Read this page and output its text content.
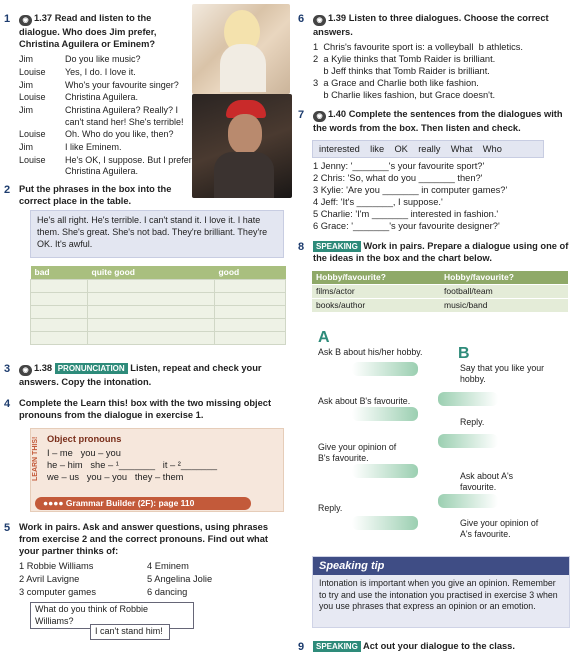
1	◉ 1.37 Read and listen to the dialogue. Who does Jim prefer, Christina Aguilera or Eminem?
Jim	Do you like music?
Louise	Yes, I do. I love it.
Jim	Who's your favourite singer?
Louise	Christina Aguilera.
Jim	Christina Aguilera? Really? I can't stand her! She's terrible!
Louise	Oh. Who do you like, then?
Jim	I like Eminem.
Louise	He's OK, I suppose. But I prefer Christina Aguilera.
2 Put the phrases in the box into the correct place in the table.
He's all right. He's terrible. I can't stand it. I love it. I hate them. She's great. She's not bad. They're brilliant. They're OK. It's awful.
bad	quite good	good

3	◉ 1.38 PRONUNCIATION Listen, repeat and check your answers. Copy the intonation.
4 Complete the Learn this! box with the two missing object pronouns from the dialogue in exercise 1.
LEARN THIS! Object pronouns
I – me   you – you
he – him   she – ¹_______   it – ²_______
we – us   you – you   they – them
●●●● Grammar Builder (2F): page 110
5 Work in pairs. Ask and answer questions, using phrases from exercise 2 and the correct pronouns. Find out what your partner thinks of:
1 Robbie Williams	4 Eminem
2 Avril Lavigne	5 Angelina Jolie
3 computer games	6 dancing
What do you think of Robbie Williams?
I can't stand him!
6	◉ 1.39 Listen to three dialogues. Choose the correct answers.
1  Chris's favourite sport is: a volleyball  b athletics.
2  a Kylie thinks that Tomb Raider is brilliant.
b Jeff thinks that Tomb Raider is brilliant.
3  a Grace and Charlie both like fashion.
b Charlie likes fashion, but Grace doesn't.
7	◉ 1.40 Complete the sentences from the dialogues with the words from the box. Then listen and check.
interested    like    OK    really    What    Who
1 Jenny: '_______'s your favourite sport?'
2 Chris: 'So, what do you _______ then?'
3 Kylie: 'Are you _______ in computer games?'
4 Jeff: 'It's _______, I suppose.'
5 Charlie: 'I'm _______ interested in fashion.'
6 Grace: '_______'s your favourite designer?'
8	SPEAKING Work in pairs. Prepare a dialogue using one of the ideas in the box and the chart below.
Hobby/favourite?	Hobby/favourite?
films/actor	football/team
books/author	music/band
A
B
Ask B about his/her hobby.
Say that you like your hobby.
Ask about B's favourite.
Reply.
Give your opinion of B's favourite.
Ask about A's favourite.
Reply.
Give your opinion of A's favourite.
Speaking tip
Intonation is important when you give an opinion. Remember to try and use the intonation you practised in exercise 3 when you use phrases that express an opinion or an emotion.
9	SPEAKING Act out your dialogue to the class.
